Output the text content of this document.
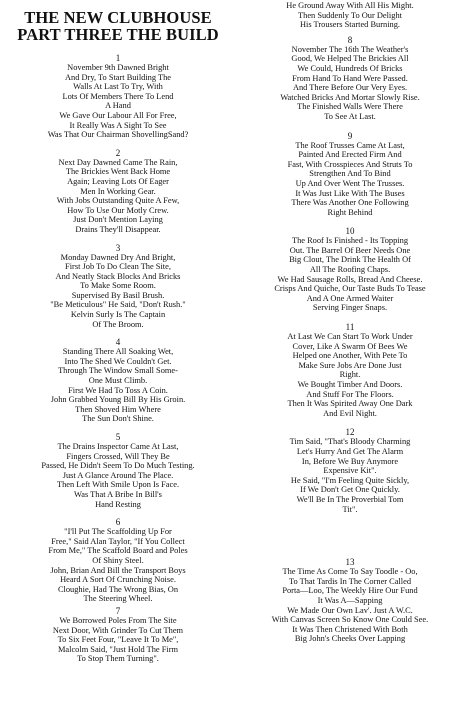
THE NEW CLUBHOUSE
PART THREE THE BUILD
1
November 9th Dawned Bright
And Dry, To Start Building The
Walls At Last To Try, With
Lots Of Members There To Lend
A Hand
We Gave Our Labour All For Free,
It Really Was A Sight To See
Was That Our Chairman ShovellingSand?
2
Next Day Dawned Came The Rain,
The Brickies Went Back Home
Again; Leaving Lots Of Eager
Men In Working Gear.
With Jobs Outstanding Quite A Few,
How To Use Our Motly Crew.
Just Don't Mention Laying
Drains They'll Disappear.
3
Monday Dawned Dry And Bright,
First Job To Do Clean The Site,
And Neatly Stack Blocks And Bricks
To Make Some Room.
Supervised By Basil Brush.
"Be Meticulous" He Said, "Don't Rush."
Kelvin Surly Is The Captain
Of The Broom.
4
Standing There All Soaking Wet,
Into The Shed We Couldn't Get.
Through The Window Small Some-
One Must Climb.
First We Had To Toss A Coin.
John Grabbed Young Bill By His Groin.
Then Shoved Him Where
The Sun Don't Shine.
5
The Drains Inspector Came At Last,
Fingers Crossed, Will They Be
Passed, He Didn't Seem To Do Much Testing.
Just A Glance Around The Place.
Then Left With Smile Upon Is Face.
Was That A Bribe In Bill's
Hand Resting
6
"I'll Put The Scaffolding Up For
Free," Said Alan Taylor, "If You Collect
From Me," The Scaffold Board and Poles
Of Shiny Steel.
John, Brian And Bill the Transport Boys
Heard A Sort Of Crunching Noise.
Cloughie, Had The Wrong Bias, On
The Steering Wheel.
7
We Borrowed Poles From The Site
Next Door, With Grinder To Cut Them
To Six Feet Four, "Leave It To Me",
Malcolm Said, "Just Hold The Firm
To Stop Them Turning".
He Ground Away With All His Might.
Then Suddenly To Our Delight
His Trousers Started Burning.
8
November The 16th The Weather's
Good, We Helped The Brickies All
We Could, Hundreds Of Bricks
From Hand To Hand Were Passed.
And There Before Our Very Eyes.
Watched Bricks And Mortar Slowly Rise.
The Finished Walls Were There
To See At Last.
9
The Roof Trusses Came At Last,
Painted And Erected Firm And
Fast, With Crosspieces And Struts To
Strengthen And To Bind
Up And Over Went The Trusses.
It Was Just Like With The Buses
There Was Another One Following
Right Behind
10
The Roof Is Finished - Its Topping
Out. The Barrel Of Beer Needs One
Big Clout, The Drink The Health Of
All The Roofing Chaps.
We Had Sausage Rolls, Bread And Cheese.
Crisps And Quiche, Our Taste Buds To Tease
And A One Armed Waiter
Serving Finger Snaps.
11
At Last We Can Start To Work Under
Cover, Like A Swarm Of Bees We
Helped one Another, With Pete To
Make Sure Jobs Are Done Just
Right.
We Bought Timber And Doors.
And Stuff For The Floors.
Then It Was Spirited Away One Dark
And Evil Night.
12
Tim Said, "That's Bloody Charming
Let's Hurry And Get The Alarm
In, Before We Buy Anymore
Expensive Kit".
He Said, "I'm Feeling Quite Sickly,
If We Don't Get One Quickly.
We'll Be In The Proverbial Tom
Tit".
13
The Time As Come To Say Toodle - Oo,
To That Tardis In The Corner Called
Porta—Loo, The Weekly Hire Our Fund
It Was A—Sapping
We Made Our Own Lav'. Just A W.C.
With Canvas Screen So Know One Could See.
It Was Then Christened With Both
Big John's Cheeks Over Lapping
